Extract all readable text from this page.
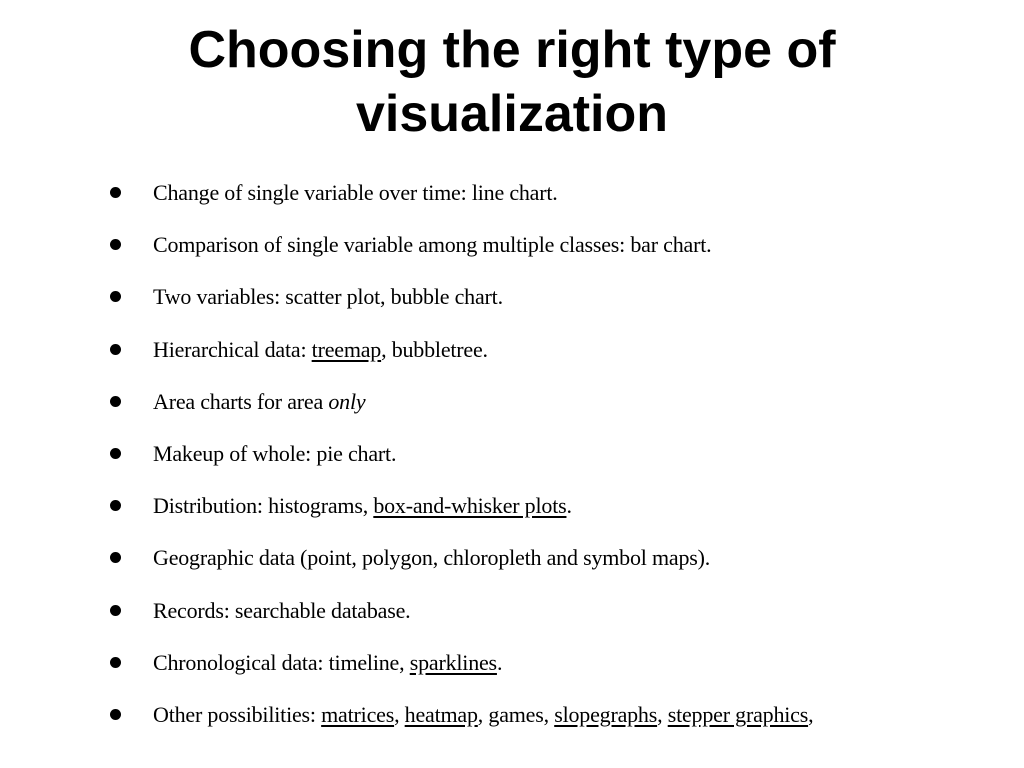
Choosing the right type of
visualization
Change of single variable over time: line chart.
Comparison of single variable among multiple classes: bar chart.
Two variables: scatter plot, bubble chart.
Hierarchical data: treemap, bubbletree.
Area charts for area only
Makeup of whole: pie chart.
Distribution: histograms, box-and-whisker plots.
Geographic data (point, polygon, chloropleth and symbol maps).
Records: searchable database.
Chronological data: timeline, sparklines.
Other possibilities: matrices, heatmap, games, slopegraphs, stepper graphics,
